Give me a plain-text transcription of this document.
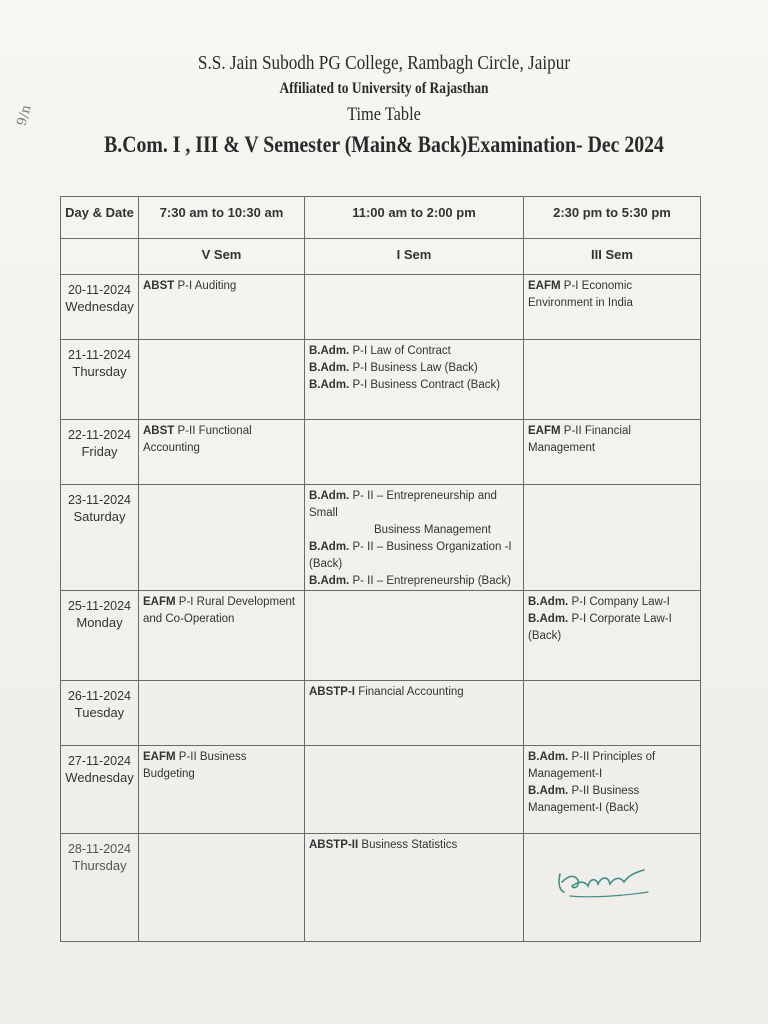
9/n
S.S. Jain Subodh PG College, Rambagh Circle, Jaipur
Affiliated to University of Rajasthan
Time Table
B.Com. I , III & V Semester (Main& Back)Examination- Dec 2024
Day & Date	7:30 am to 10:30 am	11:00 am to 2:00 pm	2:30 pm to 5:30 pm

	V Sem	I Sem	III Sem

20-11-2024
Wednesday	ABST P-I Auditing		EAFM P-I Economic Environment in India

21-11-2024
Thursday		B.Adm. P-I Law of Contract
B.Adm. P-I Business Law (Back)
B.Adm. P-I Business Contract (Back)	

22-11-2024
Friday	ABST P-II Functional Accounting		EAFM P-II Financial Management

23-11-2024
Saturday		B.Adm. P- II – Entrepreneurship and Small
Business Management
B.Adm. P- II – Business Organization -I (Back)
B.Adm. P- II – Entrepreneurship (Back)	

25-11-2024
Monday	EAFM P-I Rural Development and Co-Operation		B.Adm. P-I Company Law-I
B.Adm. P-I Corporate Law-I (Back)

26-11-2024
Tuesday		ABSTP-I Financial Accounting	

27-11-2024
Wednesday	EAFM P-II Business Budgeting		B.Adm. P-II Principles of Management-I
B.Adm. P-II Business Management-I (Back)

28-11-2024
Thursday		ABSTP-II Business Statistics	
